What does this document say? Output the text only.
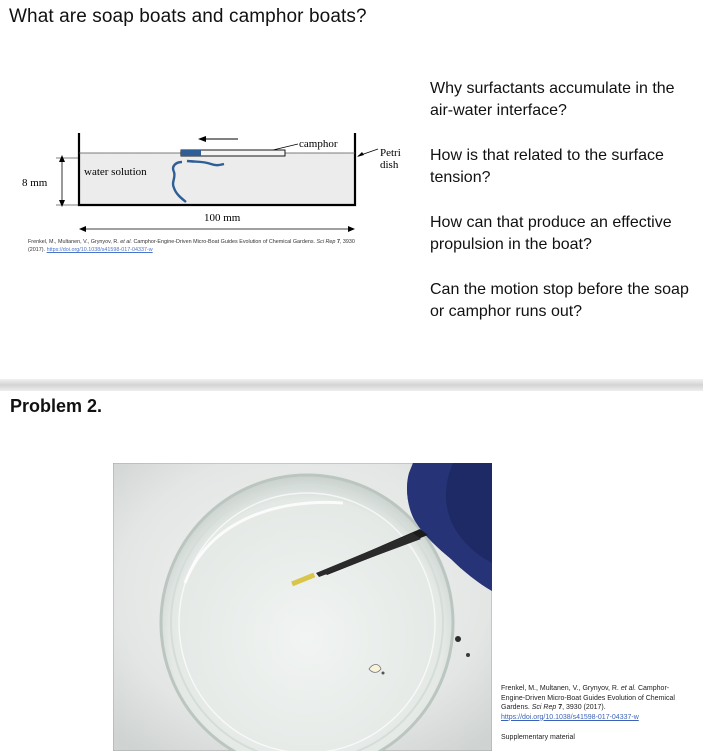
What are soap boats and camphor boats?
camphor
Petri
dish
water solution
8 mm
100 mm
Frenkel, M., Multanen, V., Grynyov, R. et al. Camphor-Engine-Driven Micro-Boat Guides Evolution of Chemical Gardens. Sci Rep 7, 3930 (2017). https://doi.org/10.1038/s41598-017-04337-w

Why surfactants accumulate in the air-water interface?

How is that related to the surface tension?

How can that produce an effective propulsion in the boat?

Can the motion stop before the soap or camphor runs out?

Problem 2.
Frenkel, M., Multanen, V., Grynyov, R. et al. Camphor-Engine-Driven Micro-Boat Guides Evolution of Chemical Gardens. Sci Rep 7, 3930 (2017).
https://doi.org/10.1038/s41598-017-04337-w
Supplementary material
